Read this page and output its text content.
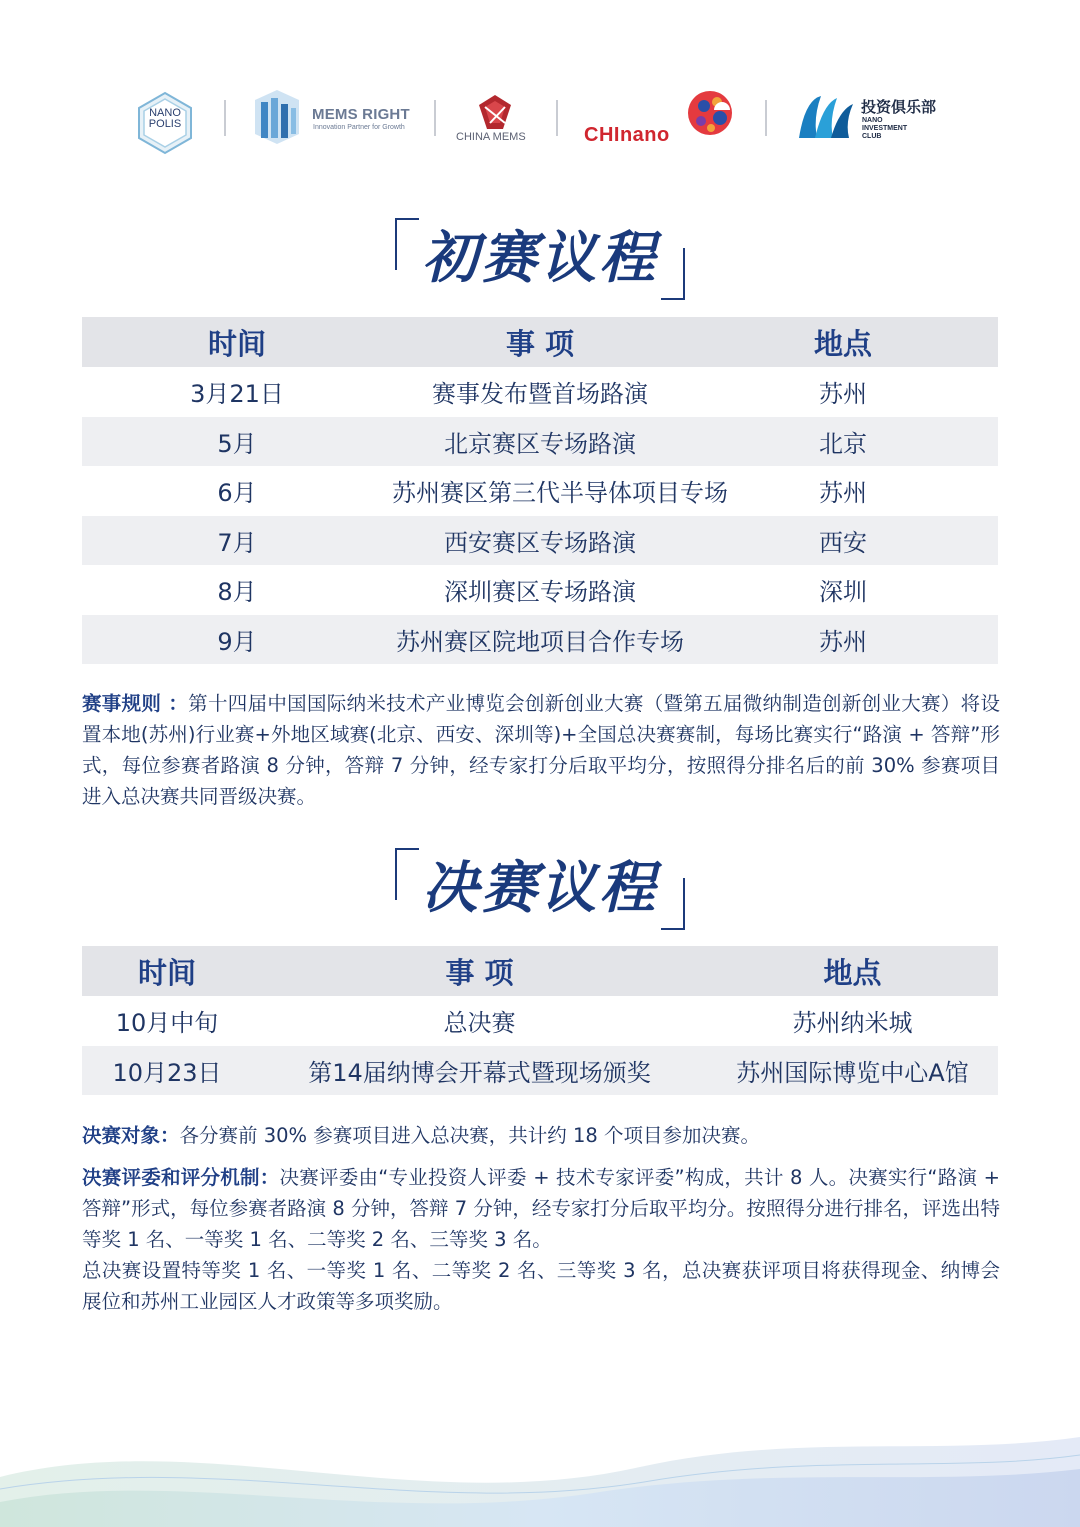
NANO
POLIS
MEMS RIGHT
Innovation Partner for Growth
CHINA MEMS	CHInano
投资俱乐部
NANO
INVESTMENT
CLUB
初赛议程
时间	事 项	地点
3月21日	赛事发布暨首场路演	苏州
5月	北京赛区专场路演	北京
6月	苏州赛区第三代半导体项目专场	苏州
7月	西安赛区专场路演	西安
8月	深圳赛区专场路演	深圳
9月	苏州赛区院地项目合作专场	苏州

赛事规则 ：第十四届中国国际纳米技术产业博览会创新创业大赛（暨第五届微纳制造创新创业大赛）将设置本地(苏州)行业赛+外地区域赛(北京、西安、深圳等)+全国总决赛赛制，每场比赛实行“路演 + 答辩”形式，每位参赛者路演 8 分钟，答辩 7 分钟，经专家打分后取平均分，按照得分排名后的前 30% 参赛项目进入总决赛共同晋级决赛。

决赛议程
时间	事 项	地点
10月中旬	总决赛	苏州纳米城
10月23日	第14届纳博会开幕式暨现场颁奖	苏州国际博览中心A馆

决赛对象：各分赛前 30% 参赛项目进入总决赛，共计约 18 个项目参加决赛。

决赛评委和评分机制：决赛评委由“专业投资人评委 + 技术专家评委”构成，共计 8 人。决赛实行“路演 + 答辩”形式，每位参赛者路演 8 分钟，答辩 7 分钟，经专家打分后取平均分。按照得分进行排名，评选出特等奖 1 名、一等奖 1 名、二等奖 2 名、三等奖 3 名。

总决赛设置特等奖 1 名、一等奖 1 名、二等奖 2 名、三等奖 3 名，总决赛获评项目将获得现金、纳博会展位和苏州工业园区人才政策等多项奖励。
